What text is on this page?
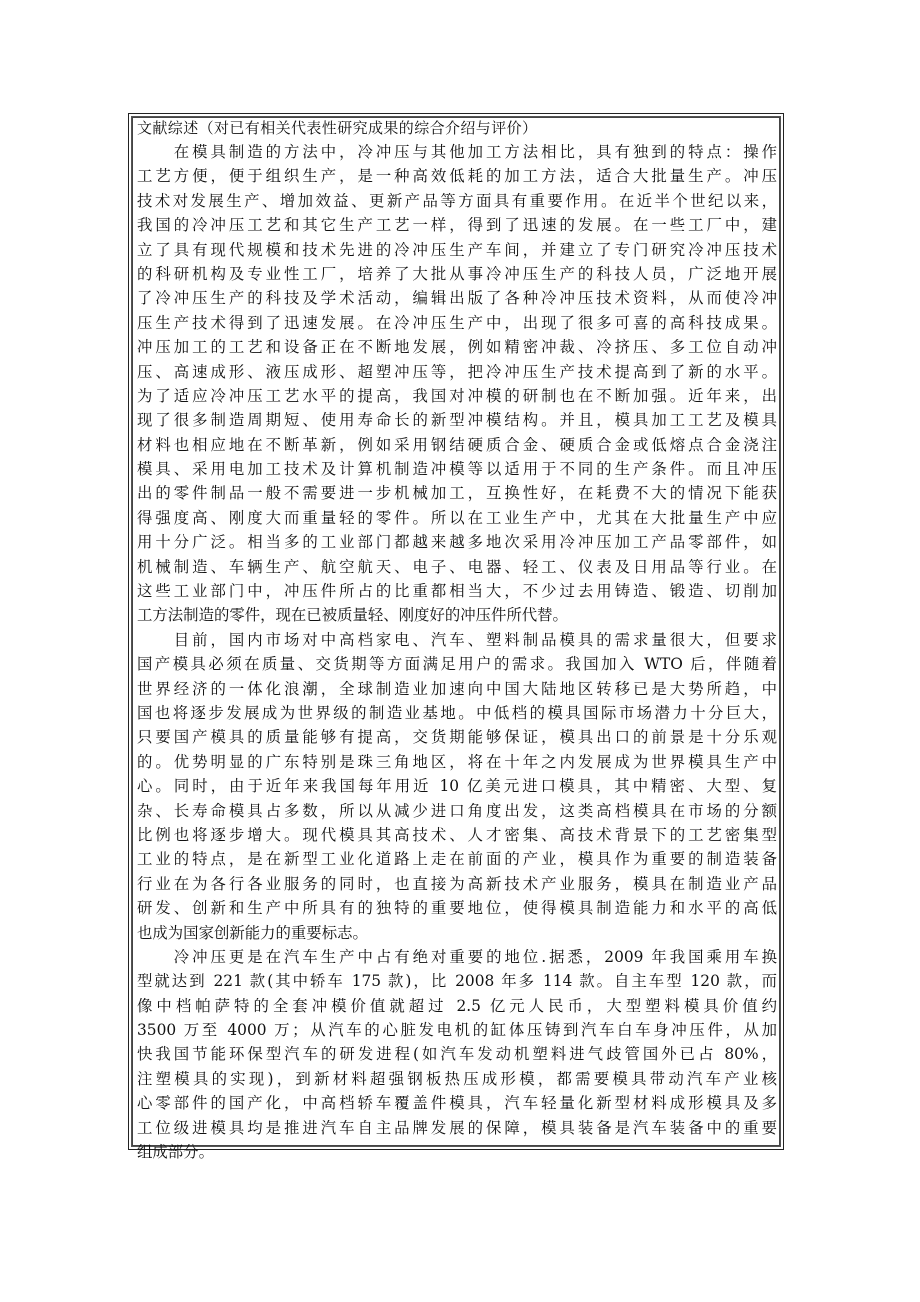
文献综述（对已有相关代表性研究成果的综合介绍与评价）
　　在模具制造的方法中，冷冲压与其他加工方法相比，具有独到的特点：操作
工艺方便，便于组织生产，是一种高效低耗的加工方法，适合大批量生产。冲压
技术对发展生产、增加效益、更新产品等方面具有重要作用。在近半个世纪以来，
我国的冷冲压工艺和其它生产工艺一样，得到了迅速的发展。在一些工厂中，建
立了具有现代规模和技术先进的冷冲压生产车间，并建立了专门研究冷冲压技术
的科研机构及专业性工厂，培养了大批从事冷冲压生产的科技人员，广泛地开展
了冷冲压生产的科技及学术活动，编辑出版了各种冷冲压技术资料，从而使冷冲
压生产技术得到了迅速发展。在冷冲压生产中，出现了很多可喜的高科技成果。
冲压加工的工艺和设备正在不断地发展，例如精密冲裁、冷挤压、多工位自动冲
压、高速成形、液压成形、超塑冲压等，把冷冲压生产技术提高到了新的水平。
为了适应冷冲压工艺水平的提高，我国对冲模的研制也在不断加强。近年来，出
现了很多制造周期短、使用寿命长的新型冲模结构。并且，模具加工工艺及模具
材料也相应地在不断革新，例如采用钢结硬质合金、硬质合金或低熔点合金浇注
模具、采用电加工技术及计算机制造冲模等以适用于不同的生产条件。而且冲压
出的零件制品一般不需要进一步机械加工，互换性好，在耗费不大的情况下能获
得强度高、刚度大而重量轻的零件。所以在工业生产中，尤其在大批量生产中应
用十分广泛。相当多的工业部门都越来越多地次采用冷冲压加工产品零部件，如
机械制造、车辆生产、航空航天、电子、电器、轻工、仪表及日用品等行业。在
这些工业部门中，冲压件所占的比重都相当大，不少过去用铸造、锻造、切削加
工方法制造的零件，现在已被质量轻、刚度好的冲压件所代替。
　　目前，国内市场对中高档家电、汽车、塑料制品模具的需求量很大，但要求
国产模具必须在质量、交货期等方面满足用户的需求。我国加入 WTO 后，伴随着
世界经济的一体化浪潮，全球制造业加速向中国大陆地区转移已是大势所趋，中
国也将逐步发展成为世界级的制造业基地。中低档的模具国际市场潜力十分巨大，
只要国产模具的质量能够有提高，交货期能够保证，模具出口的前景是十分乐观
的。优势明显的广东特别是珠三角地区，将在十年之内发展成为世界模具生产中
心。同时，由于近年来我国每年用近 10 亿美元进口模具，其中精密、大型、复
杂、长寿命模具占多数，所以从减少进口角度出发，这类高档模具在市场的分额
比例也将逐步增大。现代模具其高技术、人才密集、高技术背景下的工艺密集型
工业的特点，是在新型工业化道路上走在前面的产业，模具作为重要的制造装备
行业在为各行各业服务的同时，也直接为高新技术产业服务，模具在制造业产品
研发、创新和生产中所具有的独特的重要地位，使得模具制造能力和水平的高低
也成为国家创新能力的重要标志。
　　冷冲压更是在汽车生产中占有绝对重要的地位.据悉，2009 年我国乘用车换
型就达到 221 款(其中轿车 175 款)，比 2008 年多 114 款。自主车型 120 款，而
像中档帕萨特的全套冲模价值就超过 2.5 亿元人民币，大型塑料模具价值约
3500 万至 4000 万；从汽车的心脏发电机的缸体压铸到汽车白车身冲压件，从加
快我国节能环保型汽车的研发进程(如汽车发动机塑料进气歧管国外已占 80%，
注塑模具的实现)，到新材料超强钢板热压成形模，都需要模具带动汽车产业核
心零部件的国产化，中高档轿车覆盖件模具，汽车轻量化新型材料成形模具及多
工位级进模具均是推进汽车自主品牌发展的保障，模具装备是汽车装备中的重要
组成部分。
